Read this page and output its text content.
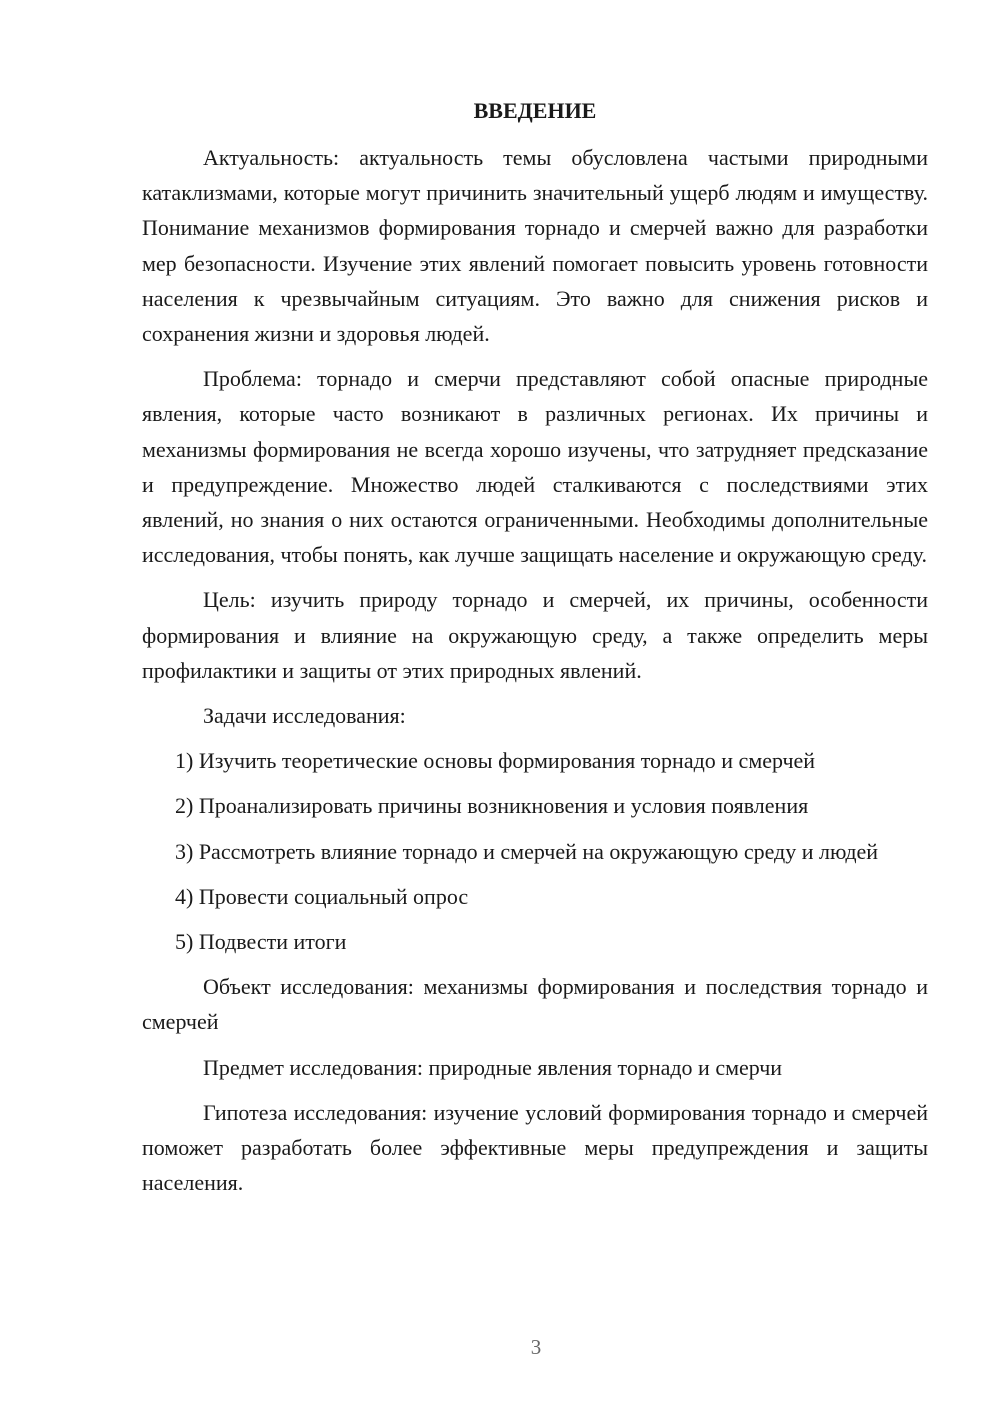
ВВЕДЕНИЕ

Актуальность: актуальность темы обусловлена частыми природными катаклизмами, которые могут причинить значительный ущерб людям и имуществу. Понимание механизмов формирования торнадо и смерчей важно для разработки мер безопасности. Изучение этих явлений помогает повысить уровень готовности населения к чрезвычайным ситуациям. Это важно для снижения рисков и сохранения жизни и здоровья людей.

Проблема: торнадо и смерчи представляют собой опасные природные явления, которые часто возникают в различных регионах. Их причины и механизмы формирования не всегда хорошо изучены, что затрудняет предсказание и предупреждение. Множество людей сталкиваются с последствиями этих явлений, но знания о них остаются ограниченными. Необходимы дополнительные исследования, чтобы понять, как лучше защищать население и окружающую среду.

Цель: изучить природу торнадо и смерчей, их причины, особенности формирования и влияние на окружающую среду, а также определить меры профилактики и защиты от этих природных явлений.

Задачи исследования:

1) Изучить теоретические основы формирования торнадо и смерчей
2) Проанализировать причины возникновения и условия появления
3) Рассмотреть влияние торнадо и смерчей на окружающую среду и людей
4) Провести социальный опрос
5) Подвести итоги

Объект исследования: механизмы формирования и последствия торнадо и смерчей

Предмет исследования: природные явления торнадо и смерчи

Гипотеза исследования: изучение условий формирования торнадо и смерчей поможет разработать более эффективные меры предупреждения и защиты населения.

3
